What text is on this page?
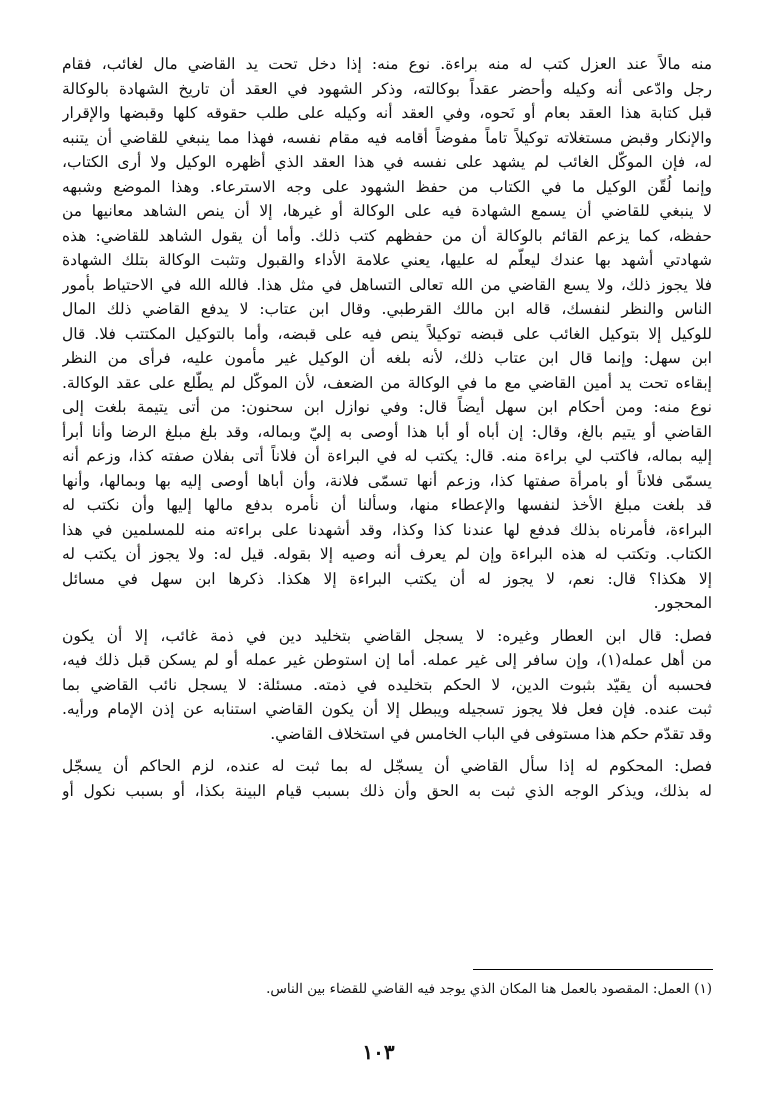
منه مالاً عند العزل كتب له منه براءة. نوع منه: إذا دخل تحت يد القاضي مال لغائب، فقام
رجل وادّعى أنه وكيله وأحضر عقداً بوكالته، وذكر الشهود في العقد أن تاريخ الشهادة بالوكالة
قبل كتابة هذا العقد بعام أو نَحوه، وفي العقد أنه وكيله على طلب حقوقه كلها وقبضها والإقرار
والإنكار وقبض مستغلاته توكيلاً تاماً مفوضاً أقامه فيه مقام نفسه، فهذا مما ينبغي للقاضي أن يتنبه
له، فإن الموكّل الغائب لم يشهد على نفسه في هذا العقد الذي أظهره الوكيل ولا أرى الكتاب،
وإنما لُقّن الوكيل ما في الكتاب من حفظ الشهود على وجه الاسترعاء. وهذا الموضع وشبهه
لا ينبغي للقاضي أن يسمع الشهادة فيه على الوكالة أو غيرها، إلا أن ينص الشاهد معانيها من
حفظه، كما يزعم القائم بالوكالة أن من حفظهم كتب ذلك. وأما أن يقول الشاهد للقاضي: هذه
شهادتي أشهد بها عندك ليعلّم له عليها، يعني علامة الأداء والقبول وتثبت الوكالة بتلك الشهادة
فلا يجوز ذلك، ولا يسع القاضي من الله تعالى التساهل في مثل هذا. فالله الله في الاحتياط بأمور
الناس والنظر لنفسك، قاله ابن مالك القرطبي. وقال ابن عتاب: لا يدفع القاضي ذلك المال
للوكيل إلا بتوكيل الغائب على قبضه توكيلاً ينص فيه على قبضه، وأما بالتوكيل المكتتب فلا. قال
ابن سهل: وإنما قال ابن عتاب ذلك، لأنه بلغه أن الوكيل غير مأمون عليه، فرأى من النظر
إبقاءه تحت يد أمين القاضي مع ما في الوكالة من الضعف، لأن الموكّل لم يطّلع على عقد الوكالة.
نوع منه: ومن أحكام ابن سهل أيضاً قال: وفي نوازل ابن سحنون: من أتى يتيمة بلغت إلى
القاضي أو يتيم بالغ، وقال: إن أباه أو أبا هذا أوصى به إليّ وبماله، وقد بلغ مبلغ الرضا وأنا أبرأ
إليه بماله، فاكتب لي براءة منه. قال: يكتب له في البراءة أن فلاناً أتى بفلان صفته كذا، وزعم أنه
يسمّى فلاناً أو بامرأة صفتها كذا، وزعم أنها تسمّى فلانة، وأن أباها أوصى إليه بها وبمالها، وأنها
قد بلغت مبلغ الأخذ لنفسها والإعطاء منها، وسألنا أن نأمره بدفع مالها إليها وأن نكتب له
البراءة، فأمرناه بذلك فدفع لها عندنا كذا وكذا، وقد أشهدنا على براءته منه للمسلمين في هذا
الكتاب. وتكتب له هذه البراءة وإن لم يعرف أنه وصيه إلا بقوله. قيل له: ولا يجوز أن يكتب له
إلا هكذا؟ قال: نعم، لا يجوز له أن يكتب البراءة إلا هكذا. ذكرها ابن سهل في مسائل
المحجور.
فصل: قال ابن العطار وغيره: لا يسجل القاضي بتخليد دين في ذمة غائب، إلا أن يكون
من أهل عمله(١)، وإن سافر إلى غير عمله. أما إن استوطن غير عمله أو لم يسكن قبل ذلك فيه،
فحسبه أن يقيّد بثبوت الدين، لا الحكم بتخليده في ذمته. مسئلة: لا يسجل نائب القاضي بما
ثبت عنده. فإن فعل فلا يجوز تسجيله ويبطل إلا أن يكون القاضي استنابه عن إذن الإمام ورأيه.
وقد تقدّم حكم هذا مستوفى في الباب الخامس في استخلاف القاضي.
فصل: المحكوم له إذا سأل القاضي أن يسجّل له بما ثبت له عنده، لزم الحاكم أن يسجّل
له بذلك، ويذكر الوجه الذي ثبت به الحق وأن ذلك بسبب قيام البينة بكذا، أو بسبب نكول أو
(١) العمل: المقصود بالعمل هنا المكان الذي يوجد فيه القاضي للقضاء بين الناس.
١٠٣
